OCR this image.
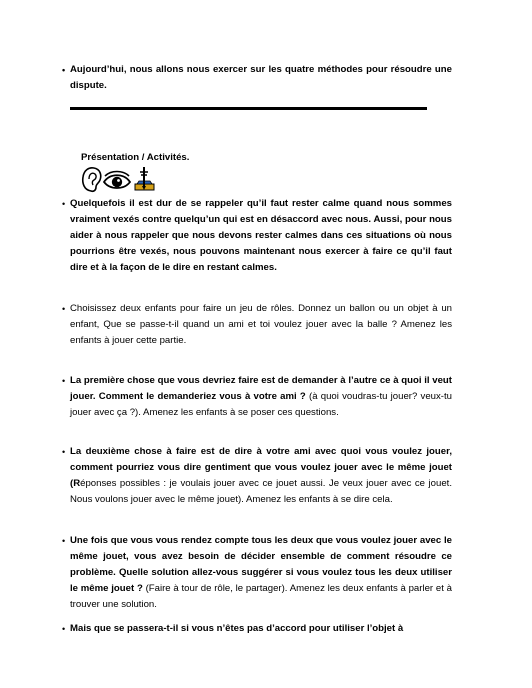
• Aujourd’hui, nous allons nous exercer sur les quatre méthodes pour résoudre une dispute.
Présentation / Activités.
• Quelquefois il est dur de se rappeler qu’il faut rester calme quand nous sommes vraiment vexés contre quelqu’un qui est en désaccord avec nous. Aussi, pour nous aider à nous rappeler que nous devons rester calmes dans ces situations où nous pourrions être vexés, nous pouvons maintenant nous exercer à faire ce qu’il faut dire et à la façon de le dire en restant calmes.
• Choisissez deux enfants pour faire un jeu de rôles. Donnez un ballon ou un objet à un enfant, Que se passe-t-il quand un ami et toi voulez jouer avec la balle ? Amenez les enfants à jouer cette partie.
• La première chose que vous devriez faire est de demander à l’autre ce à quoi il veut jouer. Comment le demanderiez vous à votre ami ? (à quoi voudras-tu jouer? veux-tu jouer avec ça ?). Amenez les enfants à se poser ces questions.
• La deuxième chose à faire est de dire à votre ami avec quoi vous voulez jouer, comment pourriez vous dire gentiment que vous voulez jouer avec le même jouet (Réponses possibles : je voulais jouer avec ce jouet aussi. Je veux jouer avec ce jouet. Nous voulons jouer avec le même jouet). Amenez les enfants à se dire cela.
• Une fois que vous vous rendez compte tous les deux que vous voulez jouer avec le même jouet, vous avez besoin de décider ensemble de comment résoudre ce problème. Quelle solution allez-vous suggérer si vous voulez tous les deux utiliser le même jouet ? (Faire à tour de rôle, le partager). Amenez les deux enfants à parler et à trouver une solution.
• Mais que se passera-t-il si vous n’êtes pas d’accord pour utiliser l’objet à
